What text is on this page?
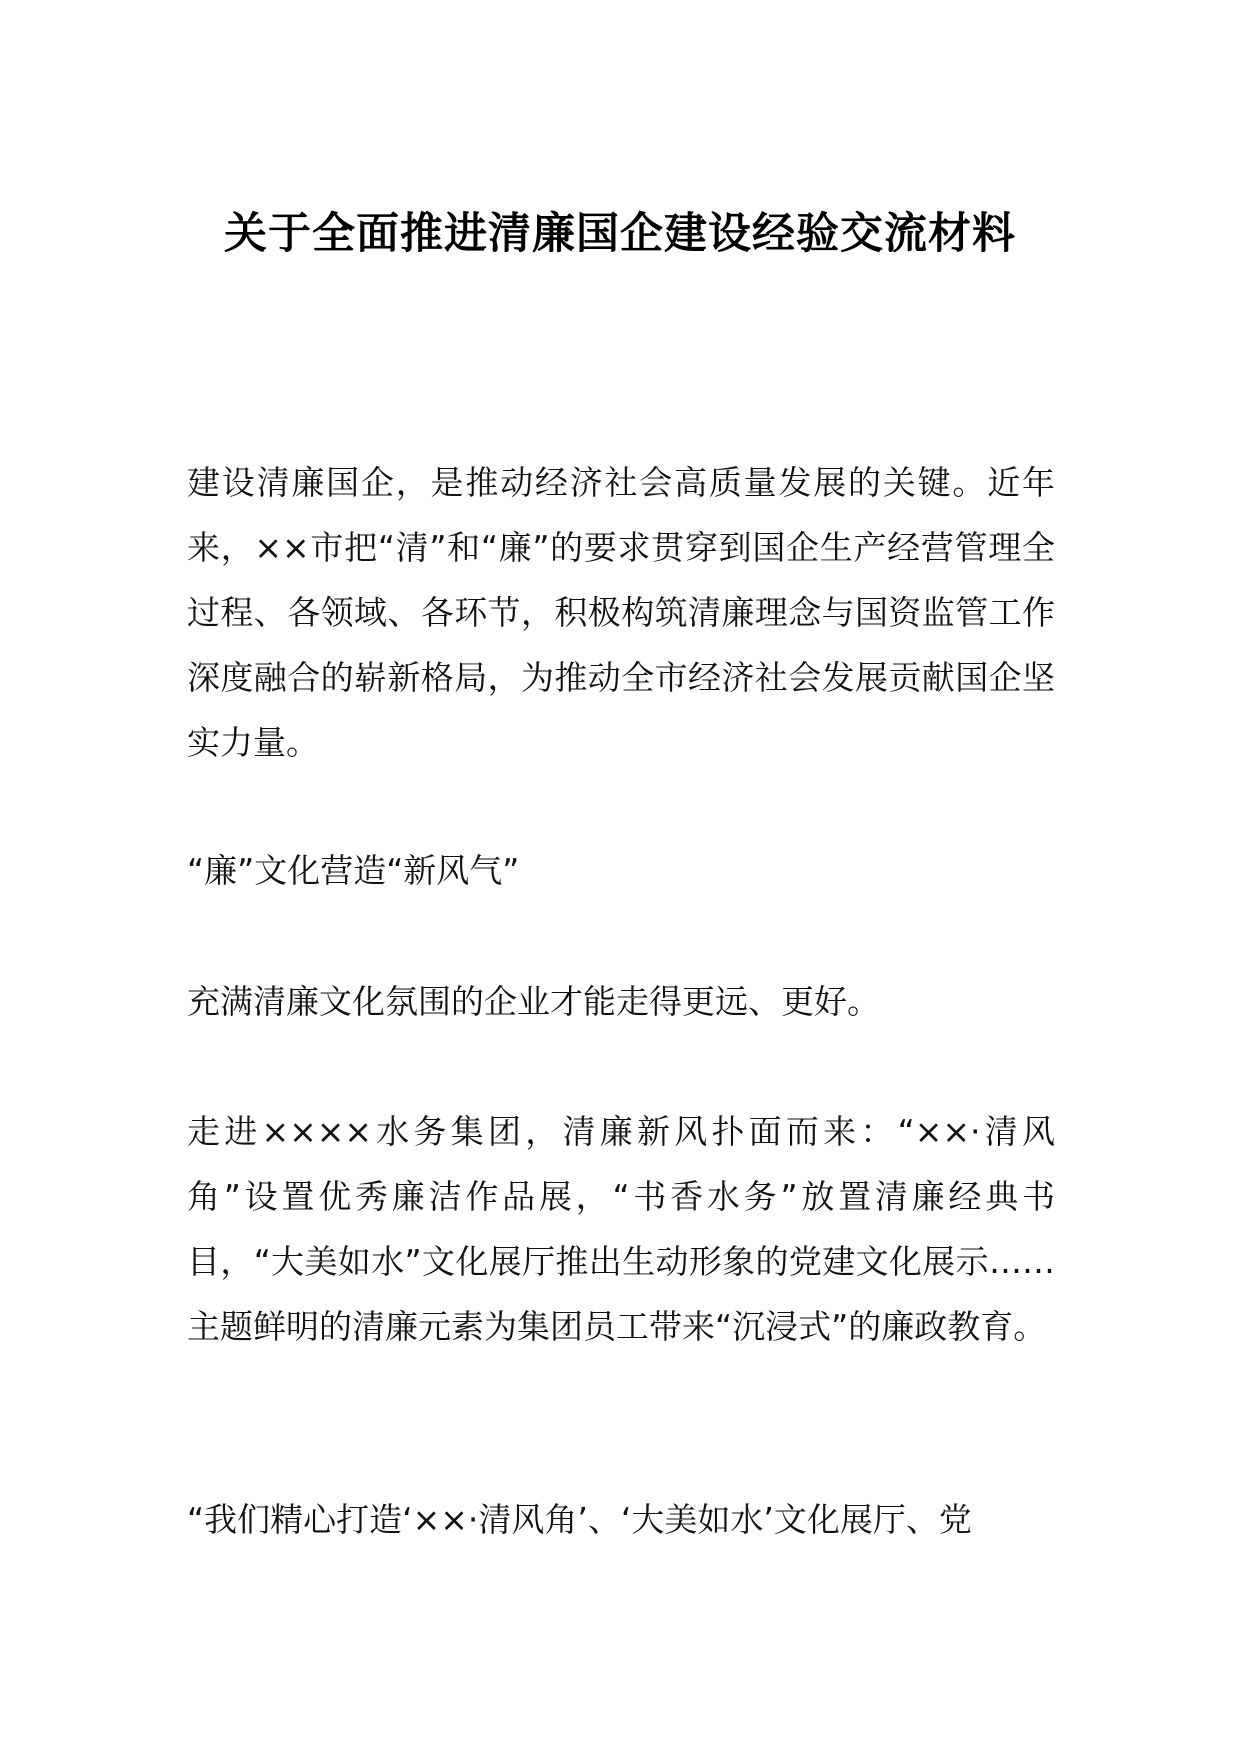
关于全面推进清廉国企建设经验交流材料

建设清廉国企，是推动经济社会高质量发展的关键。近年来，××市把“清”和“廉”的要求贯穿到国企生产经营管理全过程、各领域、各环节，积极构筑清廉理念与国资监管工作深度融合的崭新格局，为推动全市经济社会发展贡献国企坚实力量。

“廉”文化营造“新风气”

充满清廉文化氛围的企业才能走得更远、更好。

走进××××水务集团，清廉新风扑面而来：“××·清风角”设置优秀廉洁作品展，“书香水务”放置清廉经典书目，“大美如水”文化展厅推出生动形象的党建文化展示……主题鲜明的清廉元素为集团员工带来“沉浸式”的廉政教育。

“我们精心打造‘××·清风角’、‘大美如水’文化展厅、党
